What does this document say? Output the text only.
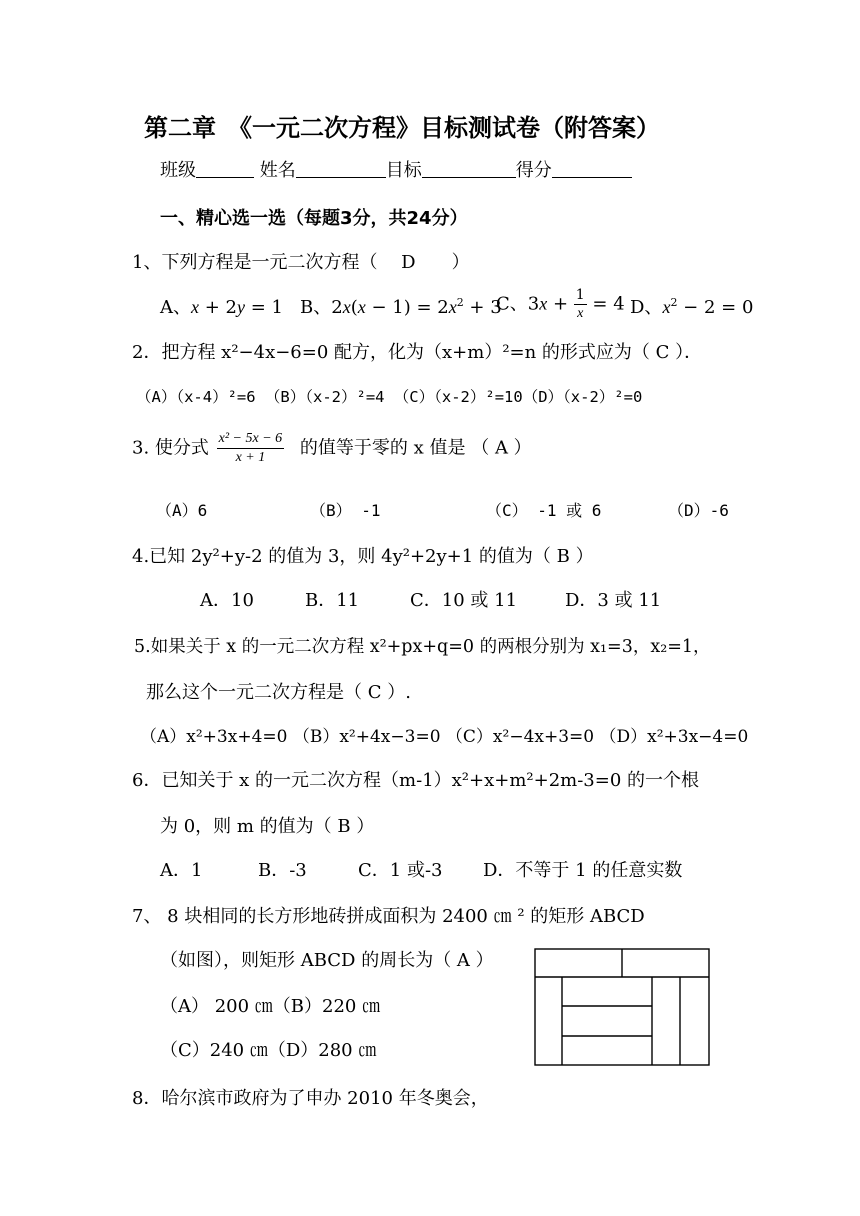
第二章　《一元二次方程》目标测试卷（附答案）
班级	姓名	目标	得分
一、精心选一选（每题3分，共24分）
1、下列方程是一元二次方程（　 D　　）
A、x + 2y = 1 B、$2x(x - 1) = 2x^2 + 3$
C、$3x + \frac{1}{x} = 4$ D、$x^2 - 2 = 0$
2．把方程 x²−4x−6=0 配方，化为（x+m）²=n 的形式应为（ C ）．
（A）（x-4）²=6 （B）（x-2）²=4 （C）（x-2）²=10（D）（x-2）²=0
3. 使分式 $\frac{\text{x² − 5x − 6}}{x + 1}$ 的值等于零的 x 值是 （ A ）
（A）6	（B） -1	（C） -1 或 6	（D）-6
4.已知 2y²+y-2 的值为 3，则 4y²+2y+1 的值为（ B ）
A．10	B．11	C．10 或 11	D．3 或 11
5.如果关于 x 的一元二次方程 x²+px+q=0 的两根分别为 x₁=3，x₂=1，
那么这个一元二次方程是（ C ）.
（A）x²+3x+4=0 （B）x²+4x−3=0 （C）x²−4x+3=0 （D）x²+3x−4=0
6．已知关于 x 的一元二次方程（m-1）x²+x+m²+2m-3=0 的一个根
为 0，则 m 的值为（ B ）
A．1	B．-3	C．1 或-3 D．不等于 1 的任意实数
7、 8 块相同的长方形地砖拼成面积为 2400 ㎝ ² 的矩形 ABCD
（如图），则矩形 ABCD 的周长为（ A ）
（A） 200 ㎝（B）220 ㎝
（C）240 ㎝（D）280 ㎝
8．哈尔滨市政府为了申办 2010 年冬奥会，
